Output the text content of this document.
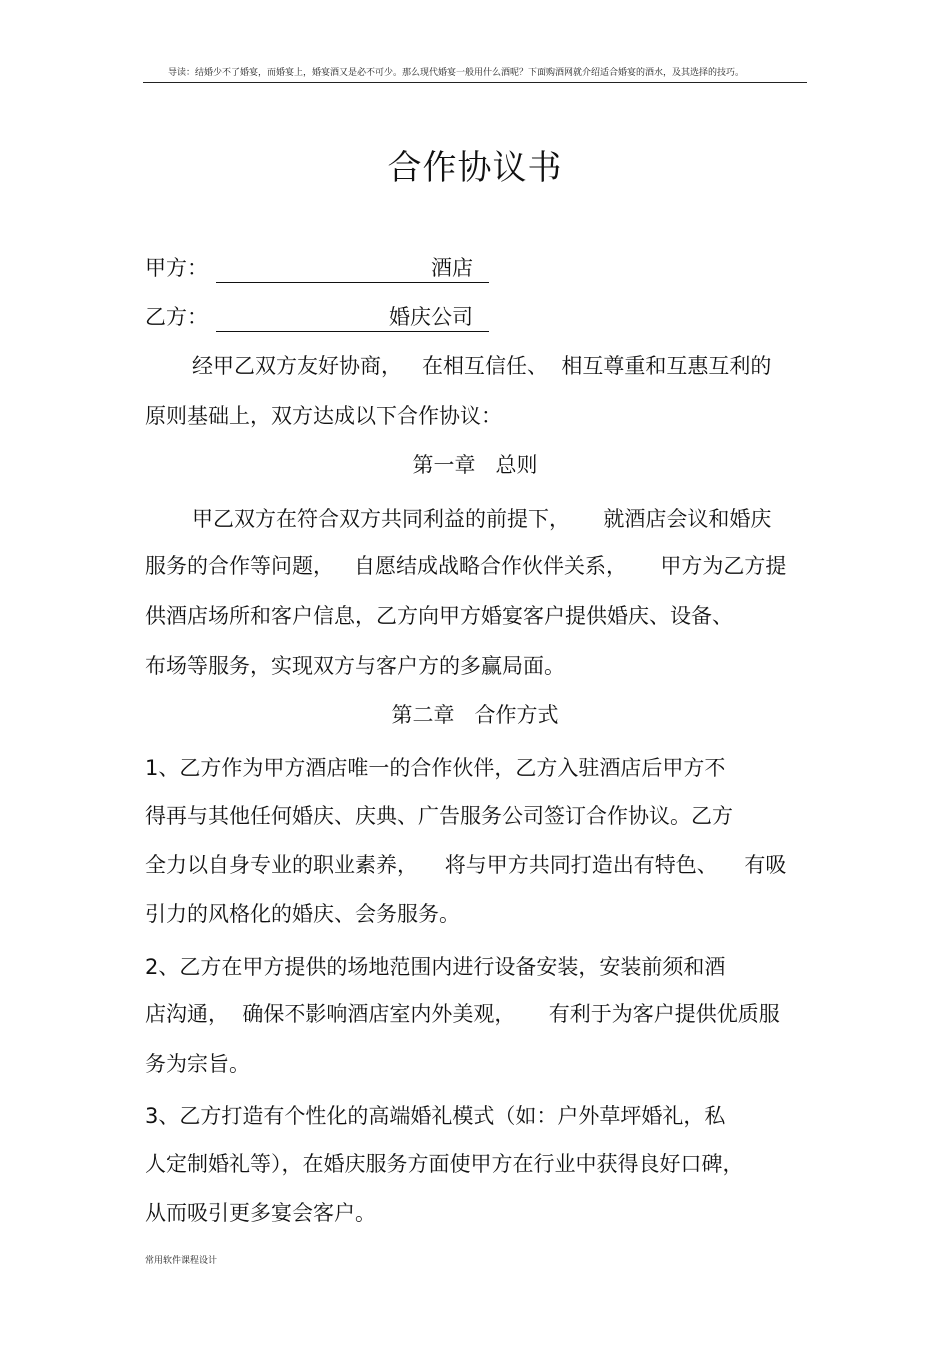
导读：结婚少不了婚宴，而婚宴上，婚宴酒又是必不可少。那么现代婚宴一般用什么酒呢？下面购酒网就介绍适合婚宴的酒水，及其选择的技巧。
合作协议书
甲方：	酒店
乙方：	婚庆公司
经甲乙双方友好协商，   在相互信任、  相互尊重和互惠互利的
原则基础上，双方达成以下合作协议：
第一章   总则
甲乙双方在符合双方共同利益的前提下，     就酒店会议和婚庆
服务的合作等问题，   自愿结成战略合作伙伴关系，     甲方为乙方提
供酒店场所和客户信息，乙方向甲方婚宴客户提供婚庆、设备、
布场等服务，实现双方与客户方的多赢局面。
第二章   合作方式
1、乙方作为甲方酒店唯一的合作伙伴，乙方入驻酒店后甲方不
得再与其他任何婚庆、庆典、广告服务公司签订合作协议。乙方
全力以自身专业的职业素养，    将与甲方共同打造出有特色、    有吸
引力的风格化的婚庆、会务服务。
2、乙方在甲方提供的场地范围内进行设备安装，安装前须和酒
店沟通，  确保不影响酒店室内外美观，     有利于为客户提供优质服
务为宗旨。
3、乙方打造有个性化的高端婚礼模式（如：户外草坪婚礼，私
人定制婚礼等），在婚庆服务方面使甲方在行业中获得良好口碑，
从而吸引更多宴会客户。
常用软件课程设计
